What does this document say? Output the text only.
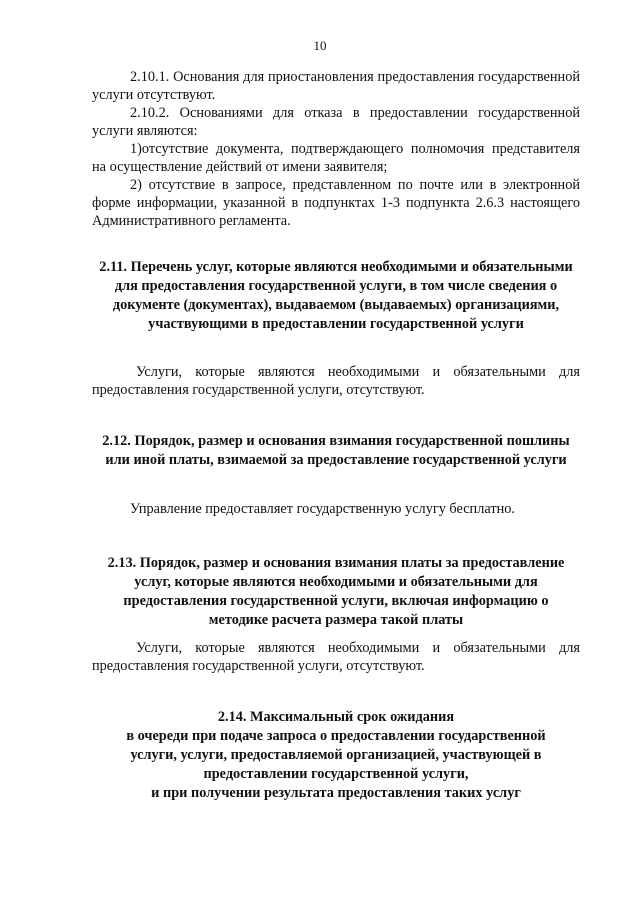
10

2.10.1. Основания для приостановления предоставления государственной услуги отсутствуют.

2.10.2. Основаниями для отказа в предоставлении государственной услуги являются:

1)отсутствие документа, подтверждающего полномочия представителя на осуществление действий от имени заявителя;

2) отсутствие в запросе, представленном по почте или в электронной форме информации, указанной в подпунктах 1-3 подпункта 2.6.3 настоящего Административного регламента.

2.11. Перечень услуг, которые являются необходимыми и обязательными для предоставления государственной услуги, в том числе сведения о документе (документах), выдаваемом (выдаваемых) организациями, участвующими в предоставлении государственной услуги

Услуги, которые являются необходимыми и обязательными для предоставления государственной услуги, отсутствуют.

2.12. Порядок, размер и основания взимания государственной пошлины или иной платы, взимаемой за предоставление государственной услуги

Управление предоставляет государственную услугу бесплатно.

2.13. Порядок, размер и основания взимания платы за предоставление услуг, которые являются необходимыми и обязательными для предоставления государственной услуги, включая информацию о методике расчета размера такой платы

Услуги, которые являются необходимыми и обязательными для предоставления государственной услуги, отсутствуют.

2.14. Максимальный срок ожидания
в очереди при подаче запроса о предоставлении государственной
услуги, услуги, предоставляемой организацией, участвующей в
предоставлении государственной услуги,
и при получении результата предоставления таких услуг
